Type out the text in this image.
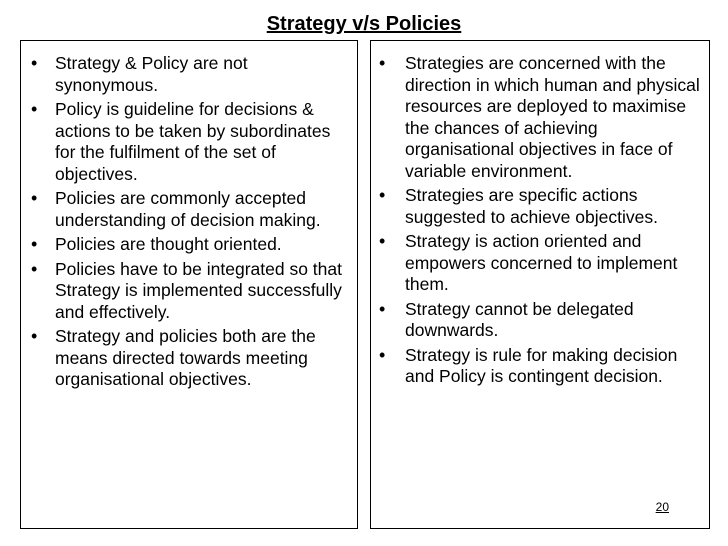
Strategy v/s Policies
• Strategy & Policy are not synonymous.
• Policy is guideline for decisions & actions to be taken by subordinates for the fulfilment of the set of objectives.
• Policies are commonly accepted understanding of decision making.
• Policies are thought oriented.
• Policies have to be integrated so that Strategy is implemented successfully and effectively.
• Strategy and policies both are the means directed towards meeting organisational objectives.
• Strategies are concerned with the direction in which human and physical resources are deployed to maximise the chances of achieving organisational objectives in face of variable environment.
• Strategies are specific actions suggested to achieve objectives.
• Strategy is action oriented and empowers concerned to implement them.
• Strategy cannot be delegated downwards.
• Strategy is rule for making decision and Policy is contingent decision.
20
